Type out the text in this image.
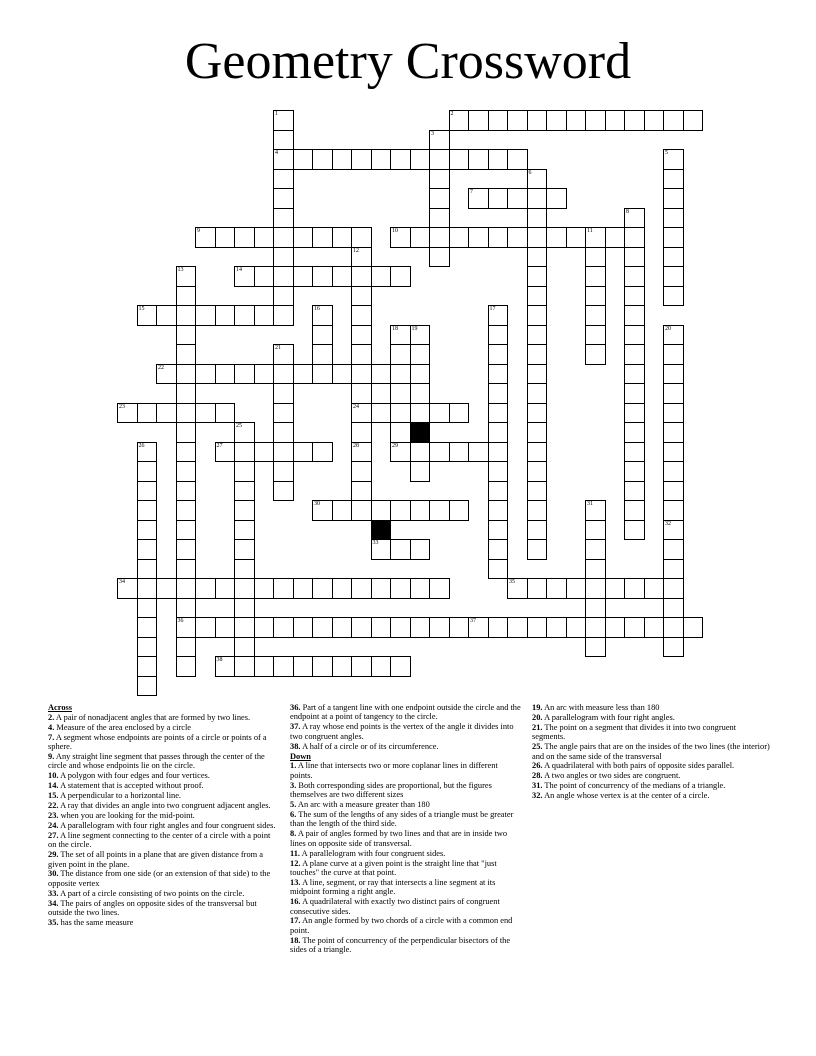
Geometry Crossword
1
4
2
3
5
6
7
8
9	10	11
12
24
28
13
36
14
15	16	17
18 19	20
21
22
23
25
26	27	29
30	31
32
33
34	35
37
38

Across

2. A pair of nonadjacent angles that are formed by two lines.

4. Measure of the area enclosed by a circle

7. A segment whose endpoints are points of a circle or points of a sphere.

9. Any straight line segment that passes through the center of the circle and whose endpoints lie on the circle.

10. A polygon with four edges and four vertices.

14. A statement that is accepted without proof.

15. A perpendicular to a horizontal line.

22. A ray that divides an angle into two congruent adjacent angles.

23. when you are looking for the mid-point.

24. A parallelogram with four right angles and four congruent sides.

27. A line segment connecting to the center of a circle with a point on the circle.

29. The set of all points in a plane that are given distance from a given point in the plane.

30. The distance from one side (or an extension of that side) to the opposite vertex

33. A part of a circle consisting of two points on the circle.

34. The pairs of angles on opposite sides of the transversal but outside the two lines.

35. has the same measure

36. Part of a tangent line with one endpoint outside the circle and the endpoint at a point of tangency to the circle.

37. A ray whose end points is the vertex of the angle it divides into two congruent angles.

38. A half of a circle or of its circumference.

Down

1. A line that intersects two or more coplanar lines in different points.

3. Both corresponding sides are proportional, but the figures themselves are two different sizes

5. An arc with a measure greater than 180

6. The sum of the lengths of any sides of a triangle must be greater than the length of the third side.

8. A pair of angles formed by two lines and that are in inside two lines on opposite side of transversal.

11. A parallelogram with four congruent sides.

12. A plane curve at a given point is the straight line that "just touches" the curve at that point.

13. A line, segment, or ray that intersects a line segment at its midpoint forming a right angle.

16. A quadrilateral with exactly two distinct pairs of congruent consecutive sides.

17. An angle formed by two chords of a circle with a common end point.

18. The point of concurrency of the perpendicular bisectors of the sides of a triangle.

19. An arc with measure less than 180

20. A parallelogram with four right angles.

21. The point on a segment that divides it into two congruent segments.

25. The angle pairs that are on the insides of the two lines (the interior) and on the same side of the transversal

26. A quadrilateral with both pairs of opposite sides parallel.

28. A two angles or two sides are congruent.

31. The point of concurrency of the medians of a triangle.

32. An angle whose vertex is at the center of a circle.
